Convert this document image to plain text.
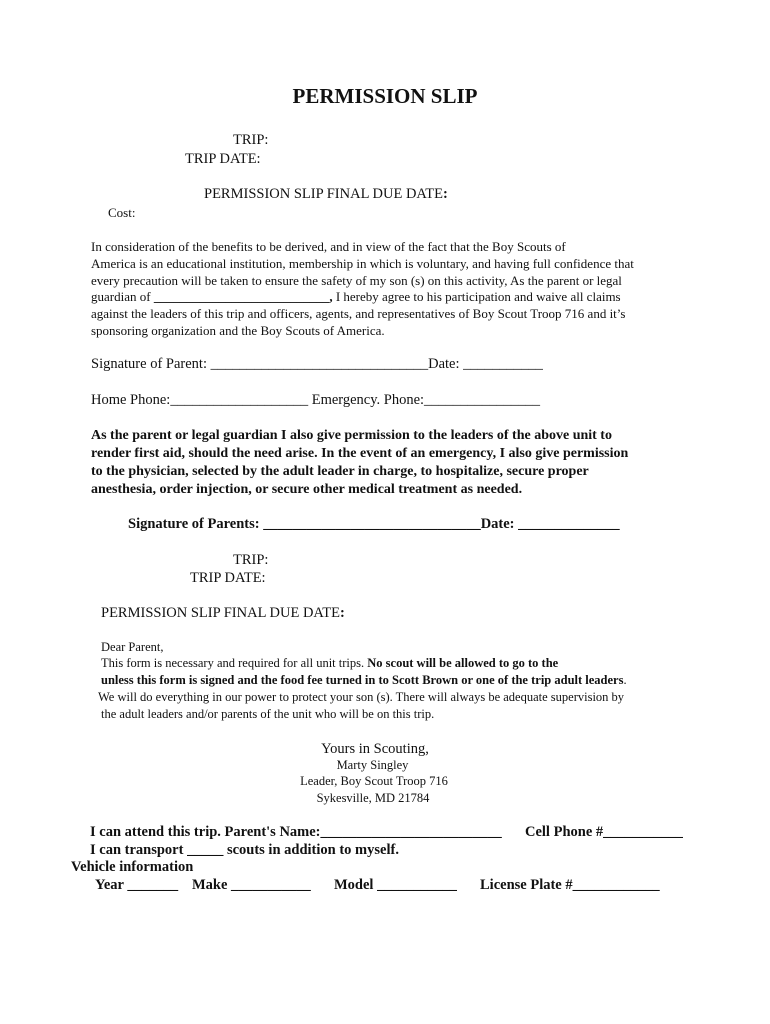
PERMISSION SLIP
TRIP:
TRIP DATE:
PERMISSION SLIP FINAL DUE DATE:
Cost:
In consideration of the benefits to be derived, and in view of the fact that the Boy Scouts of
America is an educational institution, membership in which is voluntary, and having full confidence that
every precaution will be taken to ensure the safety of my son (s) on this activity, As the parent or legal
guardian of ___________________________, I hereby agree to his participation and waive all claims
against the leaders of this trip and officers, agents, and representatives of Boy Scout Troop 716 and it’s
sponsoring organization and the Boy Scouts of America.
Signature of Parent: ______________________________Date: ___________
Home Phone:___________________ Emergency. Phone:________________
As the parent or legal guardian I also give permission to the leaders of the above unit to
render first aid, should the need arise. In the event of an emergency, I also give permission
to the physician, selected by the adult leader in charge, to hospitalize, secure proper
anesthesia, order injection, or secure other medical treatment as needed.
Signature of Parents: ______________________________Date: ______________
TRIP:
TRIP DATE:
PERMISSION SLIP FINAL DUE DATE:
Dear Parent,
This form is necessary and required for all unit trips. No scout will be allowed to go to the
unless this form is signed and the food fee turned in to Scott Brown or one of the trip adult leaders.
We will do everything in our power to protect your son (s). There will always be adequate supervision by
the adult leaders and/or parents of the unit who will be on this trip.
Yours in Scouting,
Marty Singley
Leader, Boy Scout Troop 716
Sykesville, MD 21784
I can attend this trip. Parent's Name:_________________________ Cell Phone #___________
I can transport _____ scouts in addition to myself.
Vehicle information
Year _______ Make ___________ Model ___________ License Plate #____________
